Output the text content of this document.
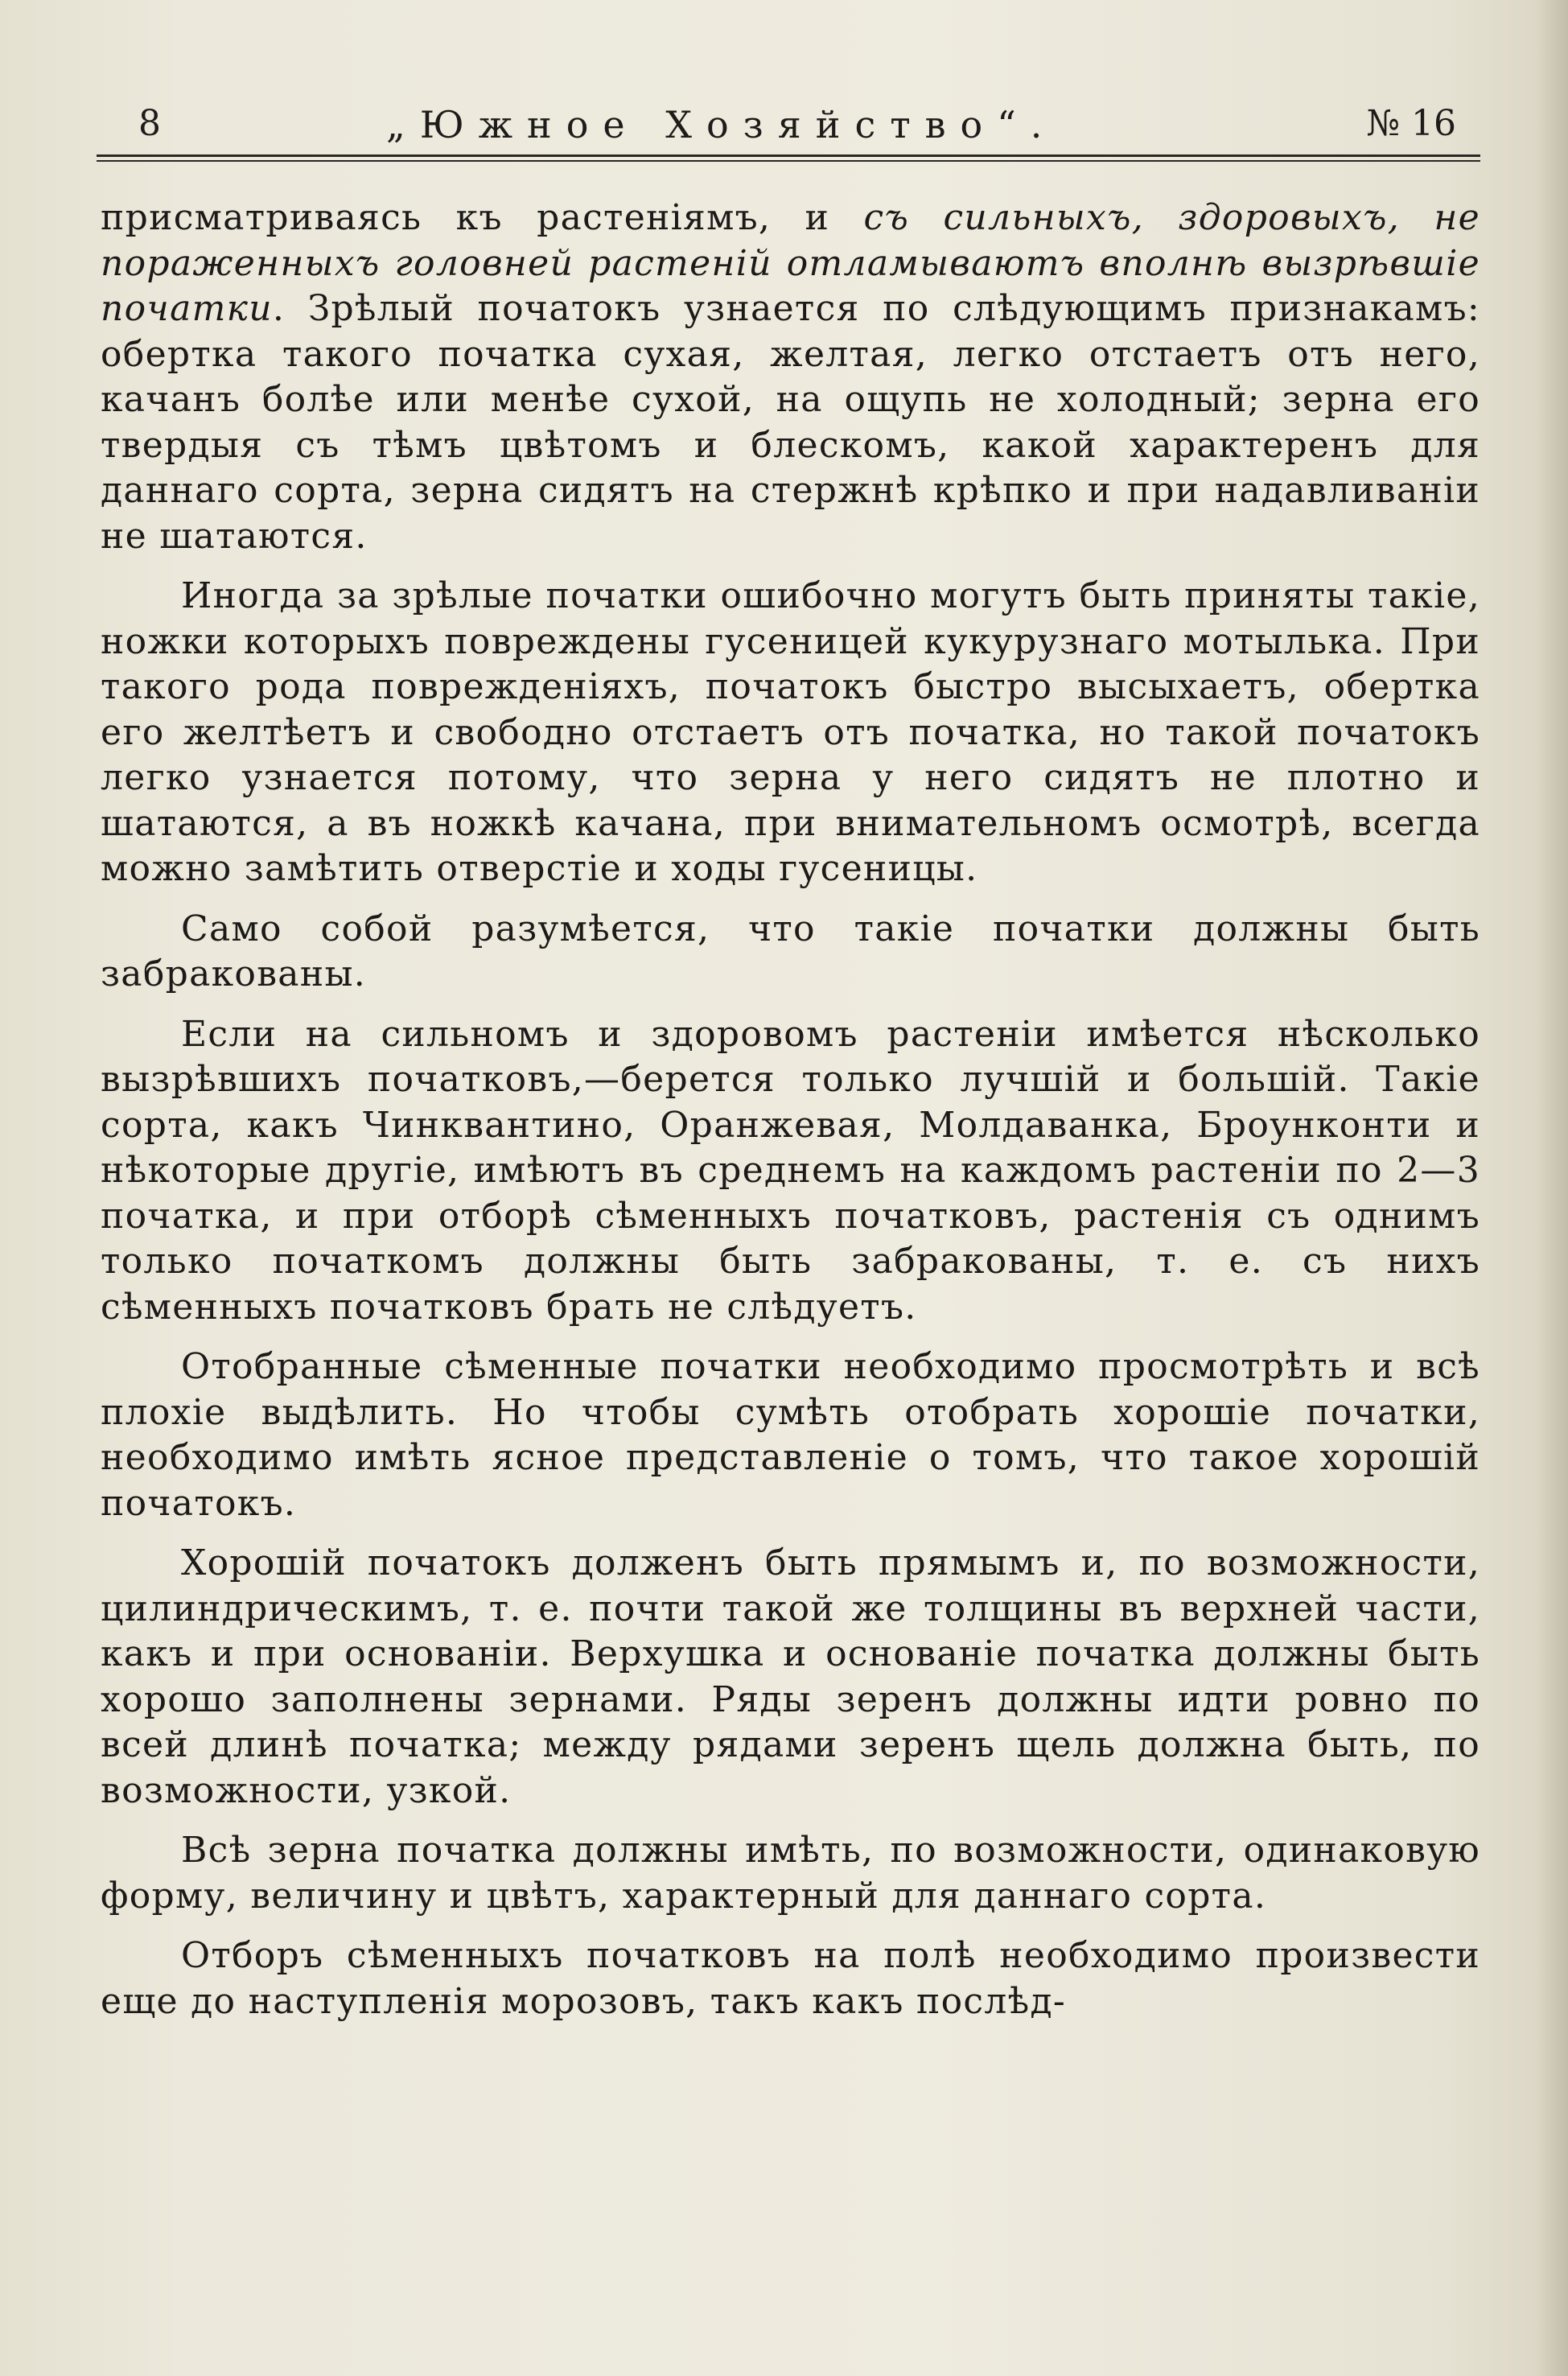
8	„Южное Хозяйство“.	№ 16

присматриваясь къ растеніямъ, и съ сильныхъ, здоровыхъ, не пораженныхъ головней растеній отламываютъ вполнѣ вызрѣвшіе початки. Зрѣлый початокъ узнается по слѣдующимъ признакамъ: обертка такого початка сухая, желтая, легко отстаетъ отъ него, качанъ болѣе или менѣе сухой, на ощупь не холодный; зерна его твердыя съ тѣмъ цвѣтомъ и блескомъ, какой характеренъ для даннаго сорта, зерна сидятъ на стержнѣ крѣпко и при надавливаніи не шатаются.

Иногда за зрѣлые початки ошибочно могутъ быть приняты такіе, ножки которыхъ повреждены гусеницей кукурузнаго мотылька. При такого рода поврежденіяхъ, початокъ быстро высыхаетъ, обертка его желтѣетъ и свободно отстаетъ отъ початка, но такой початокъ легко узнается потому, что зерна у него сидятъ не плотно и шатаются, а въ ножкѣ качана, при внимательномъ осмотрѣ, всегда можно замѣтить отверстіе и ходы гусеницы.

Само собой разумѣется, что такіе початки должны быть забракованы.

Если на сильномъ и здоровомъ растеніи имѣется нѣсколько вызрѣвшихъ початковъ,—берется только лучшій и большій. Такіе сорта, какъ Чинквантино, Оранжевая, Молдаванка, Броунконти и нѣкоторые другіе, имѣютъ въ среднемъ на каждомъ растеніи по 2—3 початка, и при отборѣ сѣменныхъ початковъ, растенія съ однимъ только початкомъ должны быть забракованы, т. е. съ нихъ сѣменныхъ початковъ брать не слѣдуетъ.

Отобранные сѣменные початки необходимо просмотрѣть и всѣ плохіе выдѣлить. Но чтобы сумѣть отобрать хорошіе початки, необходимо имѣть ясное представленіе о томъ, что такое хорошій початокъ.

Хорошій початокъ долженъ быть прямымъ и, по возможности, цилиндрическимъ, т. е. почти такой же толщины въ верхней части, какъ и при основаніи. Верхушка и основаніе початка должны быть хорошо заполнены зернами. Ряды зеренъ должны идти ровно по всей длинѣ початка; между рядами зеренъ щель должна быть, по возможности, узкой.

Всѣ зерна початка должны имѣть, по возможности, одинаковую форму, величину и цвѣтъ, характерный для даннаго сорта.

Отборъ сѣменныхъ початковъ на полѣ необходимо произвести еще до наступленія морозовъ, такъ какъ послѣд-
